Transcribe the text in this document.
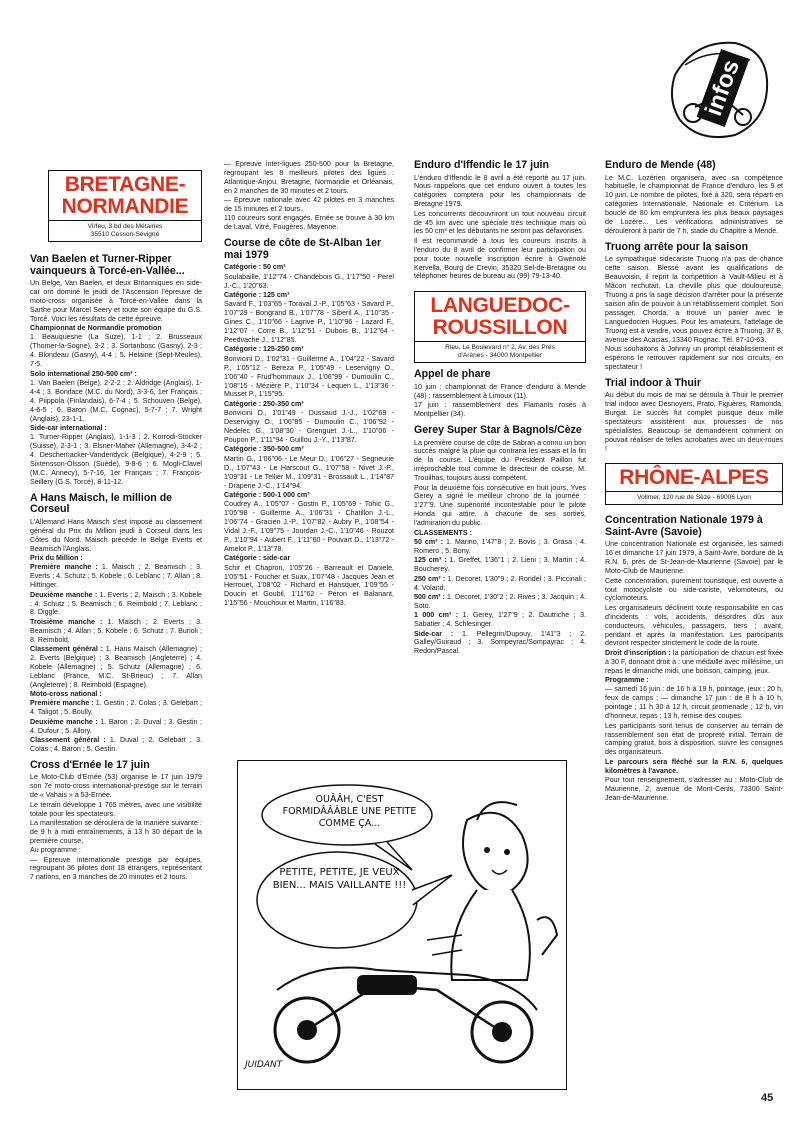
infos
BRETAGNE-NORMANDIE
Virfeu, 3 bd des Métairies
35510 Cesson-Sévigné
Van Baelen et Turner-Ripper vainqueurs à Torcé-en-Vallée...

Un Belge, Van Baelen, et deux Britanniques en side-car ont dominé le jeudi de l'Ascension l'épreuve de moto-cross organisée à Torcé-en-Vallée dans la Sarthe pour Marcel Seery et toute son équipe du G.S. Torcé. Voici les résultats de cette épreuve.

Championnat de Normandie promotion

1. Beauquesne (La Suze), 1-1 ; 2. Brusseaux (Thomer-la-Sogne), 3-2 ; 3. Sortanbosc (Gasny), 2-3 ; 4. Blondeau (Gasny), 4-4 ; 5. Helaine (Sept-Meules), 7-5.

Solo international 250-500 cm³ :

1. Van Baelen (Belge), 2-2-2 ; 2. Aldridge (Anglais), 1-4-4 ; 3. Boniface (M.C. du Nord), 3-3-6, 1er Français ; 4. Piippola (Finlandais), 6-7-4 ; 5. Schouven (Belge), 4-6-5 ; 6. Baron (M.C. Cognac), 5-7-7 ; 7. Wright (Anglais), 23-1-1.

Side-car international :

1. Turner-Ripper (Anglais), 1-1-3 ; 2. Korrodi-Stocker (Suisse), 2-3-1 ; 3. Elsner-Maher (Allemagne), 3-4-2 ; 4. Deschemacker-Vandendyck (Belgique), 4-2-9 ; 5. Sixtensson-Olsson (Suède), 9-8-6 ; 6. Mogli-Clavel (M.C. Annecy), 5-7-16, 1er Français ; 7. François-Seillery (G.S. Torcé), 8-11-12.

A Hans Maisch, le million de Corseul

L'Allemand Hans Maisch s'est imposé au classement général du Prix du Million jeudi à Corseul dans les Côtes du Nord. Maisch précède le Belge Everts et Beamisch l'Anglais.

Prix du Million :

Première manche : 1. Maisch ; 2. Beamisch ; 3. Everts ; 4. Schutz ; 5. Kobele ; 6. Leblanc ; 7. Allan ; 8. Hittinger.

Deuxième manche : 1. Everts ; 2. Maisch ; 3. Kobele ; 4. Schutz ; 5. Beamisch ; 6. Reimbold ; 7. Leblanc ; 8. Diggle.

Troisième manche : 1. Maisch ; 2. Everts ; 3. Beamisch ; 4. Allan ; 5. Kobele ; 6. Schutz ; 7. Burioli ; 8. Reimbold.

Classement général : 1. Hans Maisch (Allemagne) ; 2. Everts (Belgique) ; 3. Beamisch (Angleterre) ; 4. Kobele (Allemagne) ; 5. Schutz (Allemagne) ; 6. Leblanc (France, M.C. St-Brieuc) ; 7. Allan (Angleterre) ; 8. Reimbold (Espagne).

Moto-cross national :

Première manche : 1. Gestin ; 2. Colas ; 3. Gelebart ; 4. Taligot ; 5. Boully.

Deuxième manche : 1. Baron ; 2. Duval ; 3. Gestin ; 4. Dufour ; 5. Allory.

Classement général : 1. Duval ; 2. Gelebart ; 3. Colas ; 4. Baron ; 5. Gestin.

Cross d'Ernée le 17 juin

Le Moto-Club d'Ernée (53) organise le 17 juin 1979 son 7e moto-cross international-prestige sur le terrain de « Vahais » à 53-Ernée.

Le terrain développe 1 765 mètres, avec une visibilité totale pour les spectateurs.

La manifestation se déroulera de la manière suivante : de 9 h à midi entraînements, à 13 h 30 départ de la première course,

Au programme :

— Epreuve internationale prestige par équipes, regroupant 36 pilotes dont 18 étrangers, représentant 7 nations, en 3 manches de 20 minutes et 2 tours.

— Epreuve inter-ligues 250-500 pour la Bretagne, regroupant les 8 meilleurs pilotes des ligues : Atlantique-Anjou, Bretagne, Normandie et Orléanais, en 2 manches de 30 minutes et 2 tours.

— Epreuve nationale avec 42 pilotes en 3 manches de 15 minutes et 2 tours.

110 coureurs sont engagés. Ernée se trouve à 30 km de Laval, Vitré, Fougères, Mayenne.

Course de côte de St-Alban 1er mai 1979

Catégorie : 50 cm³

Soulabaille, 1'12"74 - Chandebois G., 1'17"50 - Perel J.-C., 1'20"63.

Catégorie : 125 cm³

Savard F., 1'03"65 - Toraval J.-P., 1'05"63 - Savard P., 1'07"29 - Bongrand B., 1'07"78 - Siberil A., 1'10"35 - Gines C., 1'10"66 - Lagrive P., 1'10"96 - Lazard F., 1'12"07 - Corre B., 1'12"51 - Dubois B., 1'12"64 - Peedvache J., 1'12"85.

Catégorie : 125-250 cm³

Bonvicini D., 1'02"31 - Guillerme A., 1'04"22 - Savard P., 1'05"12 - Bereza P., 1'05"49 - Leservigny O., 1'06"40 - Frud'hommaux J., 1'06"99 - Dumoulin C., 1'08"15 - Mézière P., 1'10"34 - Lequen L., 1'13"36 - Musset P., 1'15"95.

Catégorie : 250-350 cm³

Bonvicini D., 1'01"49 - Dussaud J.-J., 1'02"69 - Deservigny O., 1'06"85 - Dumoulin C., 1'06"92 - Nedelec G., 1'08"30 - Grenguet J.-L., 1'10"06 - Poupon P., 1'11"94 - Guillou J.-Y., 1'13"87.

Catégorie : 350-500 cm³

Martin G., 1'06"06 - Le Meur D., 1'06"27 - Segneurie D., 1'07"43 - Le Harscout G., 1'07"58 - Nivet J.-P., 1'09"31 - Le Tellier M., 1'09"31 - Brossault L., 1'14"87 - Draperie J.-C., 1'14"94.

Catégorie : 500-1 000 cm³

Coudrey A., 1'05"07 - Gostin P., 1'05"69 - Tohic G., 1'05"98 - Guillerme A., 1'06"31 - Chatillon J.-L., 1'06"74 - Gracien J.-P., 1'07"82 - Aubry P., 1'08"54 - Vidal J.-F., 1'09"75 - Jourdan J.-C., 1'10"46 - Rouzot P., 1'10"94 - Aubert F., 1'11"60 - Pouvart D., 1'13"72 - Amelot P., 1'13"78.

Catégorie : side-car

Schir et Chapron, 1'05"26 - Barreault et Daniele, 1'05"51 - Foucher et Suax, 1'07"48 - Jacques Jean et Herrouet, 1'08"02 - Richard et Hansquer, 1'09"55 - Doucin et Goubil, 1'11"62 - Péron et Balanant, 1'15"56 - Mouchoux et Martin, 1'16"83.

Enduro d'Iffendic le 17 juin

L'enduro d'Iffendic le 8 avril a été reporté au 17 juin. Nous rappelons que cet enduro ouvert à toutes les catégories comptera pour les championnats de Bretagne 1979.

Les concurrents découvriront un tout nouveau circuit de 45 km avec une spéciale très technique mais où les 50 cm³ et les débutants ne seront pas défavorisés.

Il est recommandé à tous les coureurs inscrits à l'enduro du 8 avril de confirmer leur participation ou pour toute nouvelle inscription écrire à Gwénolé Kervella, Bourg de Crevin, 35320 Sel-de-Bretagne ou téléphoner heures de bureau au (99) 79-13-40.

LANGUEDOC-ROUSSILLON
Rieu, Le Boulevard n° 2, Av. des Prés
d'Arènes - 34000 Montpellier
Appel de phare

10 juin : championnat de France d'enduro à Mende (48) ; rassemblement à Limoux (11).

17 juin : rassemblement des Flamants roses à Montpellier (34).

Gerey Super Star à Bagnols/Cèze

La première course de côte de Sabran a connu un bon succès malgré la pluie qui contraria les essais et la fin de la course. L'équipe du Président Paillon fut irréprochable tout comme le directeur de course, M. Trouilhas, toujours aussi compétent.

Pour la deuxième fois consécutive en huit jours, Yves Gerey a signé le meilleur chrono de la journée : 1'27"9. Une supériorité incontestable pour le pilote Honda qui attire, à chacune de ses sorties, l'admiration du public.

CLASSEMENTS :

50 cm³ : 1. Marino, 1'47"8 ; 2. Bovis ; 3. Grasa ; 4. Romero ; 5. Bony.

125 cm³ : 1. Greffet, 1'36"1 ; 2. Lieni ; 3. Martin ; 4. Boucherey.

250 cm³ : 1. Decoret, 1'30"9 ; 2. Rondel ; 3. Piccinali ; 4. Voland.

500 cm³ : 1. Decoret, 1'30"2 ; 2. Rives ; 3. Jacquin ; 4. Soto.

1 000 cm³ : 1. Gerey, 1'27"9 ; 2. Dautriche ; 3. Sabatier ; 4. Schlesinger.

Side-car : 1. Pellegrin/Dupouy, 1'41"3 ; 2. Galley/Guiraud ; 3. Sompeyrac/Sompayrac ; 4. Redon/Pascal.

OUÂÂH, C'EST FORMIDÂÂÂBLE UNE PETITE COMME ÇA...
PETITE, PETITE, JE VEUX BIEN... MAIS VAILLANTE !!!
JUIDANT
Enduro de Mende (48)

Le M.C. Lozérien organisera, avec sa compétence habituelle, le championnat de France d'enduro, les 9 et 10 juin. Le nombre de pilotes, fixé à 320, sera réparti en catégories Internationale, Nationale et Critérium. La boucle de 80 km empruntera les plus beaux paysages de Lozère... Les vérifications administratives se dérouleront à partir de 7 h, stade du Chapitre à Mende.

Truong arrête pour la saison

Le sympathique sidecariste Truong n'a pas de chance cette saison. Blessé avant les qualifications de Beauvoisin, il reprit la compétition à Vault-Milieu et à Mâcon rechutait. La cheville plus que douloureuse, Truong a pris la sage décision d'arrêter pour la présente saison afin de pouvoir à un rétablissement complet. Son passager, Chorda, a trouvé un panier avec le Languedocien Hugues. Pour les amateurs, l'attelage de Truong est à vendre, vous pouvez écrire à Truong, 37 B, avenue des Acacias, 13340 Rognac. Tél. 87-10-63.

Nous souhaitons à Johnny un prompt rétablissement et espérons le retrouver rapidement sur nos circuits, en spectateur !

Trial indoor à Thuir

Au début du mois de mai se déroula à Thuir le premier trial indoor avec Desnoyers, Prato, Figuères, Ramonda, Burgat. Le succès fut complet puisque deux mille spectateurs assistèrent aux prouesses de nos spécialistes. Beaucoup se demandèrent comment on pouvait réaliser de telles acrobaties avec un deux-roues !

RHÔNE-ALPES
Vollmer, 120 rue de Sèze - 69006 Lyon
Concentration Nationale 1979 à Saint-Avre (Savoie)

Une concentration Nationale est organisée, les samedi 16 et dimanche 17 juin 1979, à Saint-Avre, bordure de la R.N. 6, près de St-Jean-de-Maurienne (Savoie) par le Moto-Club de Maurienne.

Cette concentration, purement touristique, est ouverte à tout motocycliste ou side-cariste, vélomoteurs, ou cyclomoteurs.

Les organisateurs déclinent toute responsabilité en cas d'incidents : vols, accidents, désordres dûs aux conducteurs, véhicules, passagers, tiers ; avant, pendant et après la manifestation. Les participants devront respecter strictement le code de la route.

Droit d'inscription : la participation de chacun est fixée à 30 F, donnant droit à : une médaille avec millésime, un repas le dimanche midi, une boisson, camping, jeux.

Programme :

— samedi 16 juin : de 16 h à 19 h, pointage, jeux ; 20 h, feux de camps ; — dimanche 17 juin : de 8 h à 10 h, pointage ; 11 h 30 à 12 h, circuit promenade ; 12 h, vin d'honneur, repas ; 13 h, remise des coupes.

Les participants sont tenus de conserver au terrain de rassemblement son état de propreté initial. Terrain de camping gratuit, bois à disposition, suivre les consignes des organisateurs.

Le parcours sera fléché sur la R.N. 6, quelques kilomètres à l'avance.

Pour tout renseignement, s'adresser au : Moto-Club de Maurienne, 2, avenue de Mont-Cenis, 73300 Saint-Jean-de-Maurienne.

45
